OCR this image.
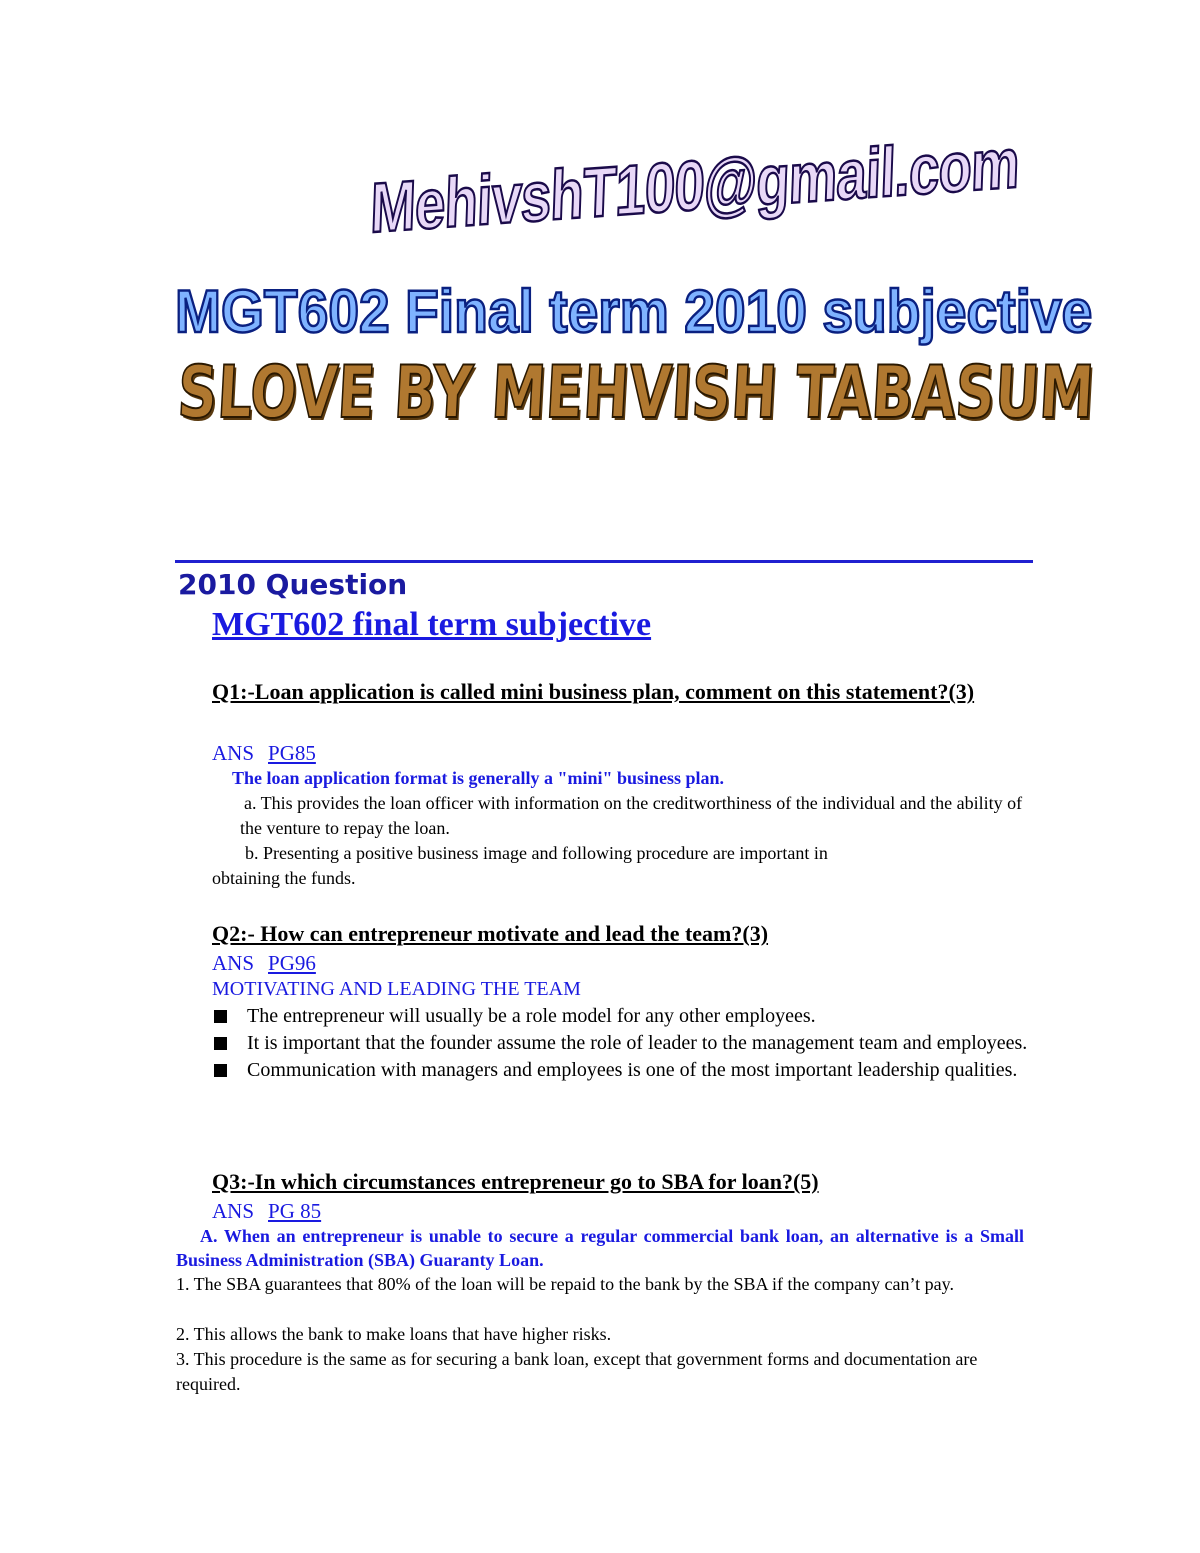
MehivshT100@gmail.com
MGT602 Final term 2010 subjective
SLOVE BY MEHVISH TABASUM
2010 Question
MGT602 final term subjective

Q1:-Loan application is called mini business plan, comment on this statement?(3)

ANS PG85

The loan application format is generally a "mini" business plan.

a. This provides the loan officer with information on the creditworthiness of the individual and the ability of the venture to repay the loan.

b. Presenting a positive business image and following procedure are important in

obtaining the funds.

Q2:- How can entrepreneur motivate and lead the team?(3)

ANS PG96

MOTIVATING AND LEADING THE TEAM

The entrepreneur will usually be a role model for any other employees.
It is important that the founder assume the role of leader to the management team and employees.
Communication with managers and employees is one of the most important leadership qualities.

Q3:-In which circumstances entrepreneur go to SBA for loan?(5)

ANS PG 85

A. When an entrepreneur is unable to secure a regular commercial bank loan, an alternative is a Small Business Administration (SBA) Guaranty Loan.

1. The SBA guarantees that 80% of the loan will be repaid to the bank by the SBA if the company can’t pay.

2. This allows the bank to make loans that have higher risks.

3. This procedure is the same as for securing a bank loan, except that government forms and documentation are required.
